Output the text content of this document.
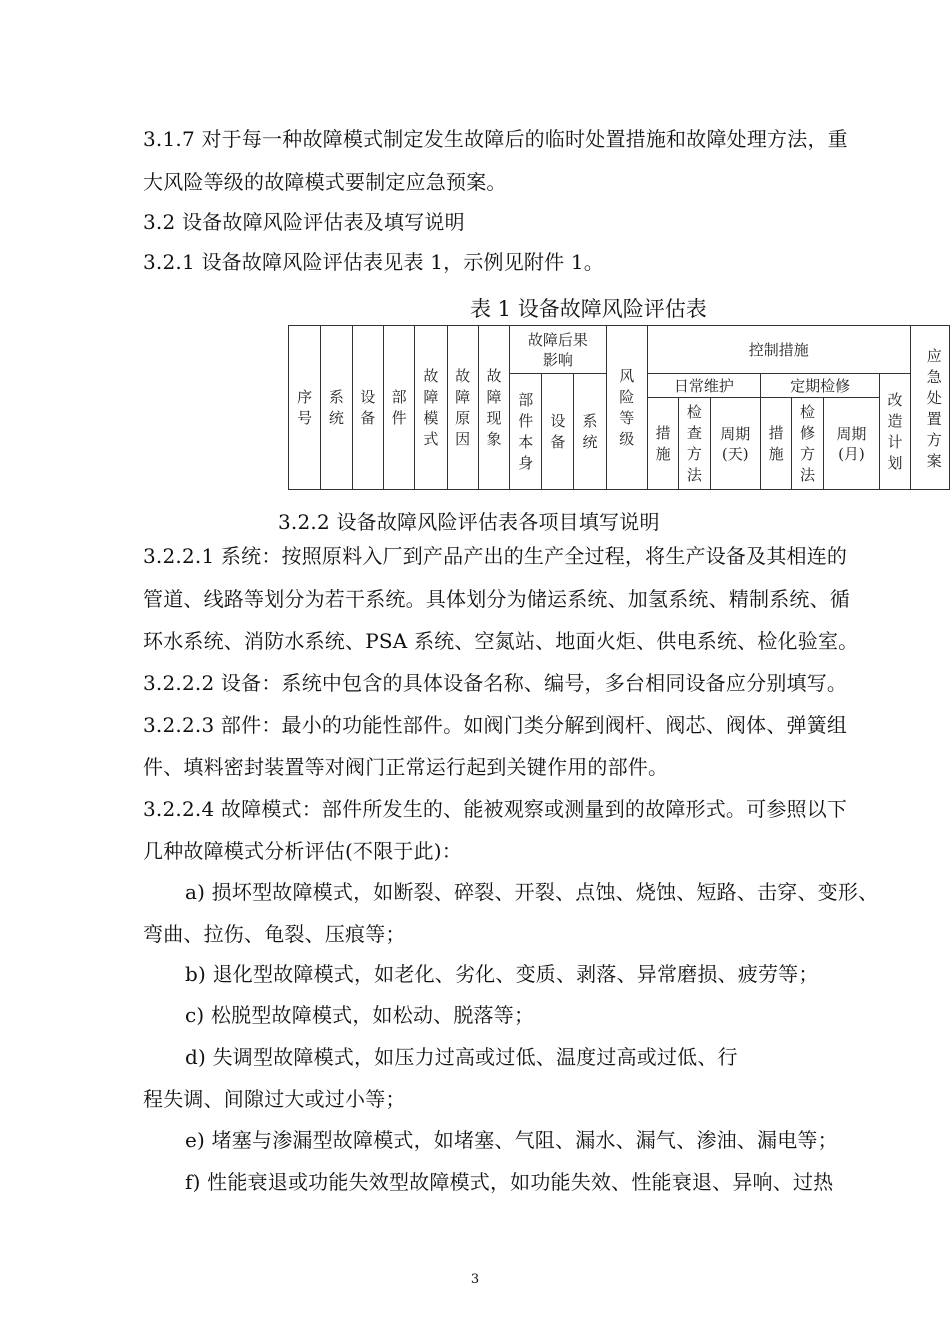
3.1.7 对于每一种故障模式制定发生故障后的临时处置措施和故障处理方法，重
大风险等级的故障模式要制定应急预案。
3.2 设备故障风险评估表及填写说明
3.2.1 设备故障风险评估表见表 1，示例见附件 1。
表 1 设备故障风险评估表
序号	系统	设备	部件	故障模式	故障原因	故障现象	故障后果影响			风险等级	控制措施							应急处置方案
							部件本身	设备	系统		日常维护			定期检修			改造计划	
											措施	检查方法	周期(天)	措施	检修方法	周期(月)		
3.2.2 设备故障风险评估表各项目填写说明
3.2.2.1 系统：按照原料入厂到产品产出的生产全过程，将生产设备及其相连的
管道、线路等划分为若干系统。具体划分为储运系统、加氢系统、精制系统、循
环水系统、消防水系统、PSA 系统、空氮站、地面火炬、供电系统、检化验室。
3.2.2.2 设备：系统中包含的具体设备名称、编号，多台相同设备应分别填写。
3.2.2.3 部件：最小的功能性部件。如阀门类分解到阀杆、阀芯、阀体、弹簧组
件、填料密封装置等对阀门正常运行起到关键作用的部件。
3.2.2.4 故障模式：部件所发生的、能被观察或测量到的故障形式。可参照以下
几种故障模式分析评估(不限于此)：
a) 损坏型故障模式，如断裂、碎裂、开裂、点蚀、烧蚀、短路、击穿、变形、
弯曲、拉伤、龟裂、压痕等；
b) 退化型故障模式，如老化、劣化、变质、剥落、异常磨损、疲劳等；
c) 松脱型故障模式，如松动、脱落等；
d) 失调型故障模式，如压力过高或过低、温度过高或过低、行
程失调、间隙过大或过小等；
e) 堵塞与渗漏型故障模式，如堵塞、气阻、漏水、漏气、渗油、漏电等；
f) 性能衰退或功能失效型故障模式，如功能失效、性能衰退、异响、过热
3
